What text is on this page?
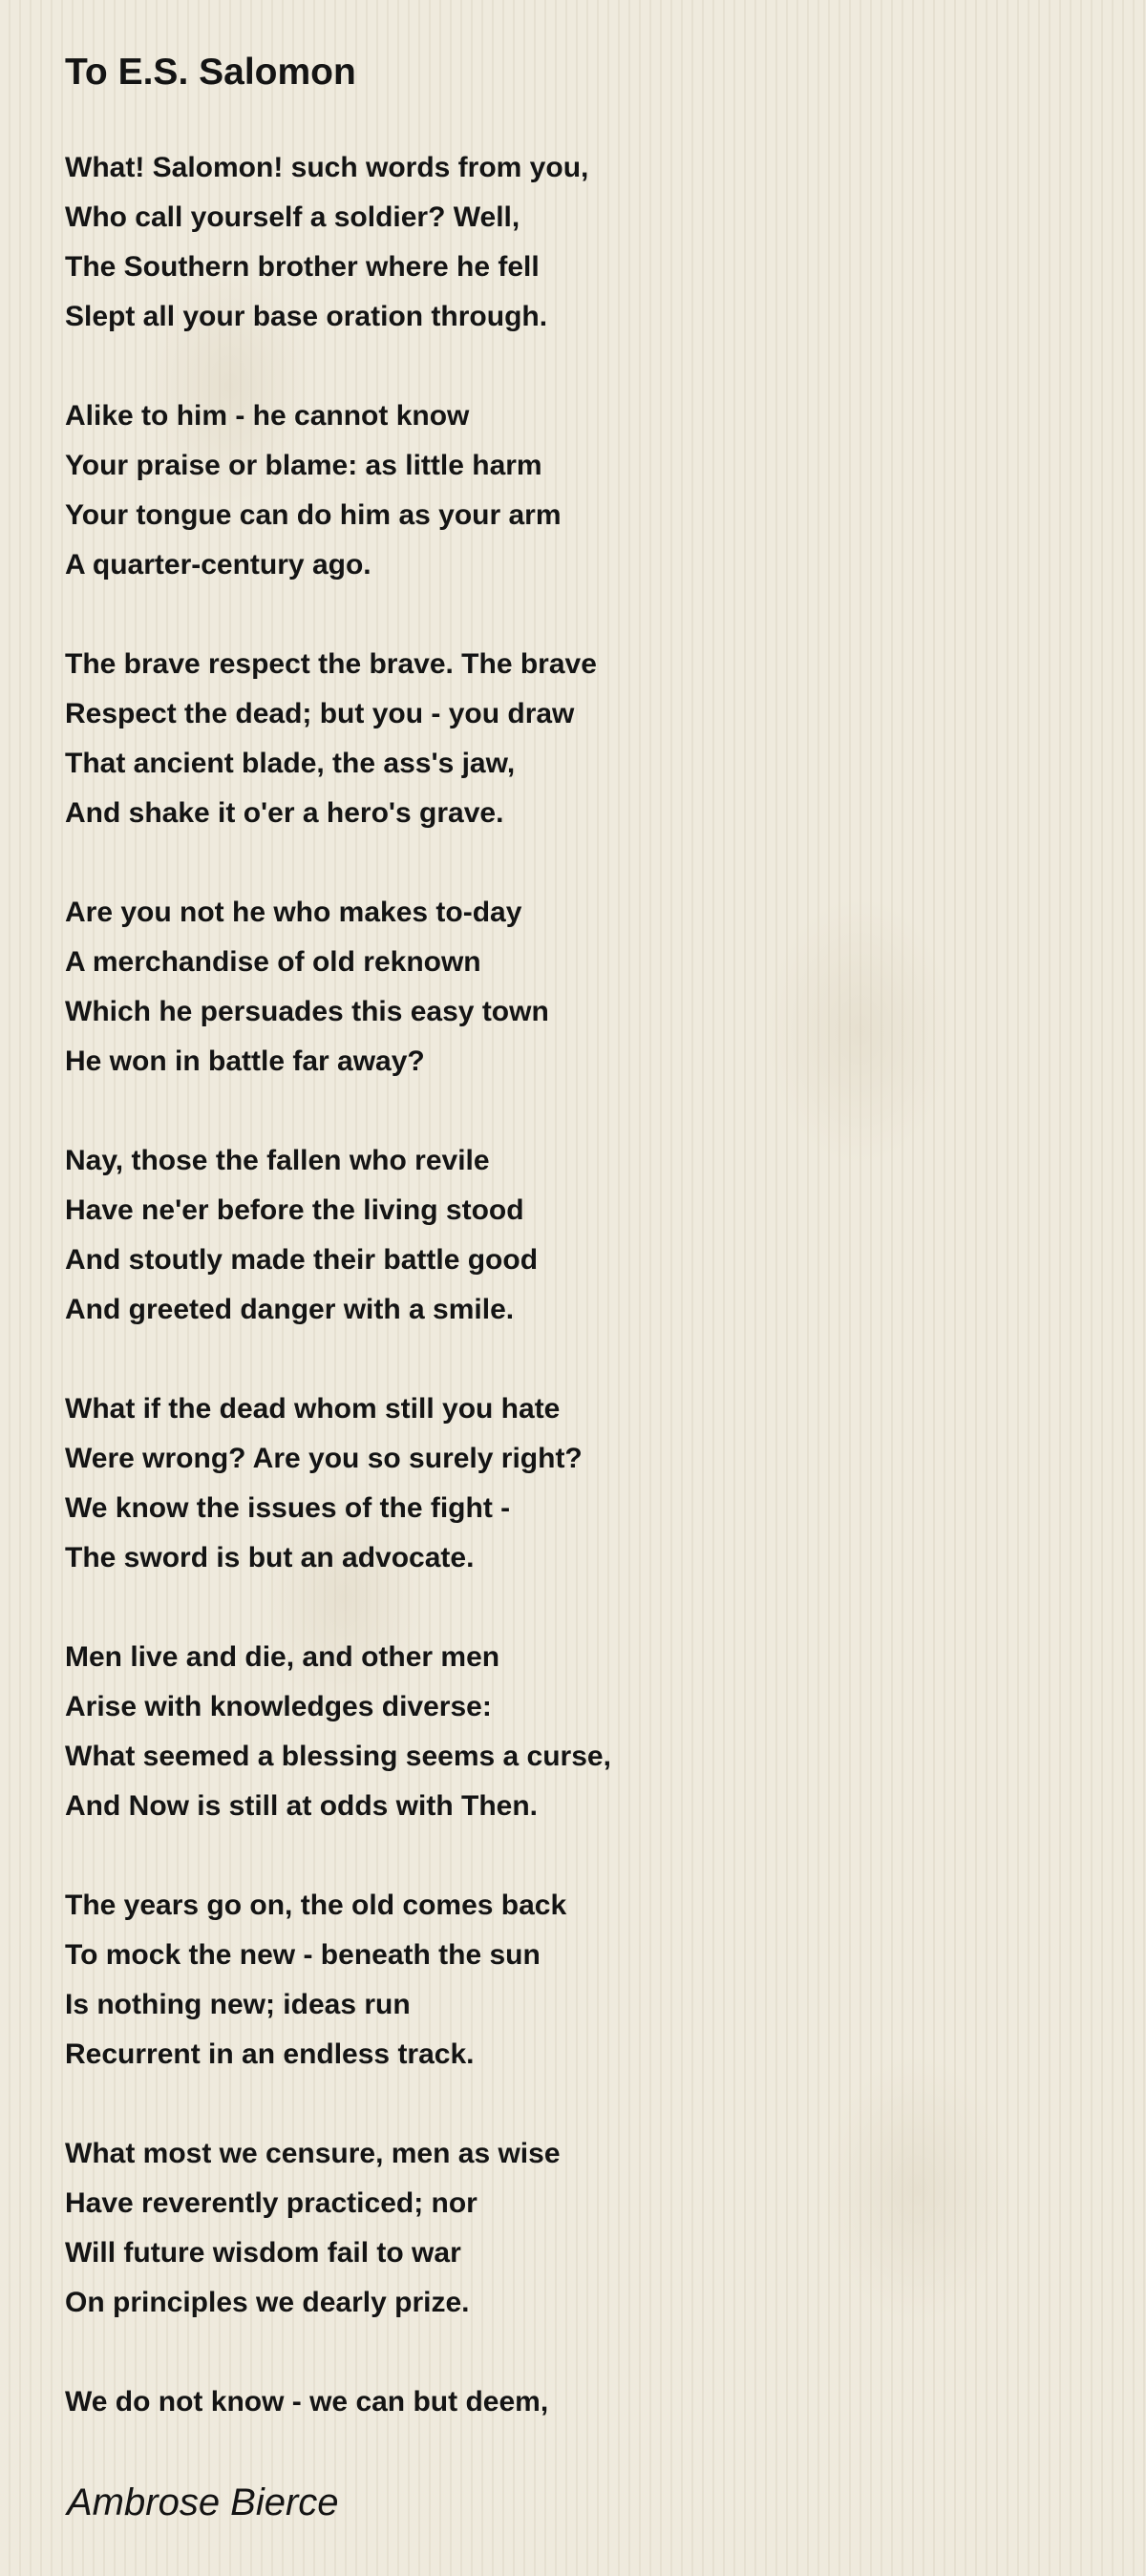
To E.S. Salomon
What! Salomon! such words from you,
Who call yourself a soldier? Well,
The Southern brother where he fell
Slept all your base oration through.
Alike to him - he cannot know
Your praise or blame: as little harm
Your tongue can do him as your arm
A quarter-century ago.
The brave respect the brave. The brave
Respect the dead; but you - you draw
That ancient blade, the ass's jaw,
And shake it o'er a hero's grave.
Are you not he who makes to-day
A merchandise of old reknown
Which he persuades this easy town
He won in battle far away?
Nay, those the fallen who revile
Have ne'er before the living stood
And stoutly made their battle good
And greeted danger with a smile.
What if the dead whom still you hate
Were wrong? Are you so surely right?
We know the issues of the fight -
The sword is but an advocate.
Men live and die, and other men
Arise with knowledges diverse:
What seemed a blessing seems a curse,
And Now is still at odds with Then.
The years go on, the old comes back
To mock the new - beneath the sun
Is nothing new; ideas run
Recurrent in an endless track.
What most we censure, men as wise
Have reverently practiced; nor
Will future wisdom fail to war
On principles we dearly prize.
We do not know - we can but deem,
Ambrose Bierce
